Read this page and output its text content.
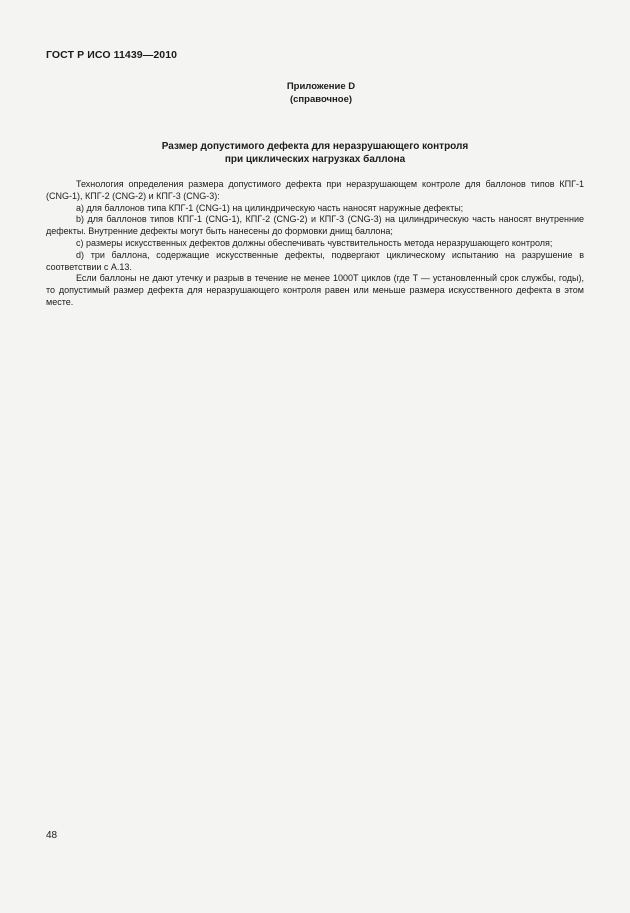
ГОСТ Р ИСО 11439—2010
Приложение D
(справочное)
Размер допустимого дефекта для неразрушающего контроля
при циклических нагрузках баллона

Технология определения размера допустимого дефекта при неразрушающем контроле для баллонов типов КПГ-1 (CNG-1), КПГ-2 (CNG-2) и КПГ-3 (CNG-3):

а) для баллонов типа КПГ-1 (CNG-1) на цилиндрическую часть наносят наружные дефекты;

b) для баллонов типов КПГ-1 (CNG-1), КПГ-2 (CNG-2) и КПГ-3 (CNG-3) на цилиндрическую часть наносят внутренние дефекты. Внутренние дефекты могут быть нанесены до формовки днищ баллона;

c) размеры искусственных дефектов должны обеспечивать чувствительность метода неразрушающего контроля;

d) три баллона, содержащие искусственные дефекты, подвергают циклическому испытанию на разрушение в соответствии с А.13.

Если баллоны не дают утечку и разрыв в течение не менее 1000T циклов (где T — установленный срок службы, годы), то допустимый размер дефекта для неразрушающего контроля равен или меньше размера искусственного дефекта в этом месте.

48
